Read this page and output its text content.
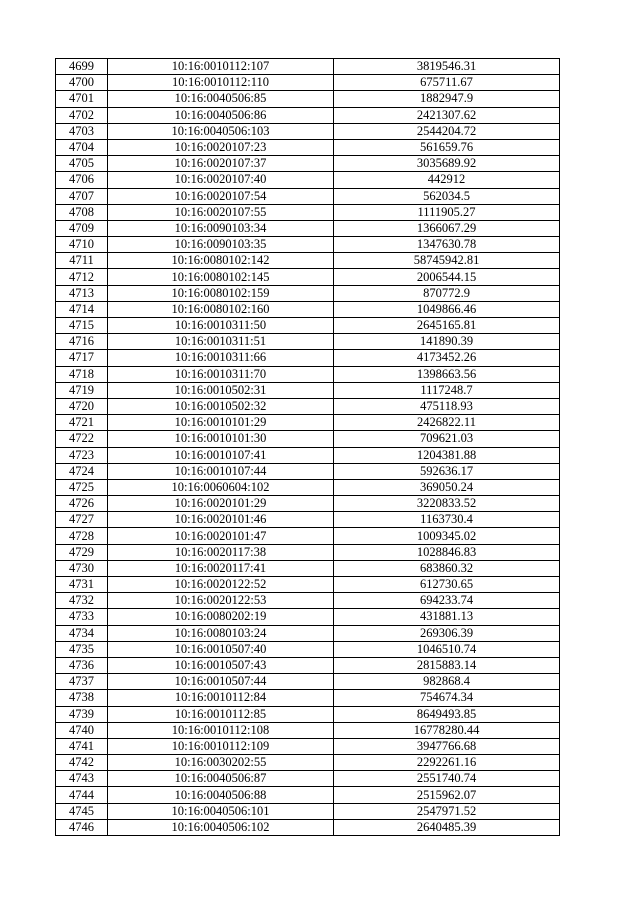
4699	10:16:0010112:107	3819546.31
4700	10:16:0010112:110	675711.67
4701	10:16:0040506:85	1882947.9
4702	10:16:0040506:86	2421307.62
4703	10:16:0040506:103	2544204.72
4704	10:16:0020107:23	561659.76
4705	10:16:0020107:37	3035689.92
4706	10:16:0020107:40	442912
4707	10:16:0020107:54	562034.5
4708	10:16:0020107:55	1111905.27
4709	10:16:0090103:34	1366067.29
4710	10:16:0090103:35	1347630.78
4711	10:16:0080102:142	58745942.81
4712	10:16:0080102:145	2006544.15
4713	10:16:0080102:159	870772.9
4714	10:16:0080102:160	1049866.46
4715	10:16:0010311:50	2645165.81
4716	10:16:0010311:51	141890.39
4717	10:16:0010311:66	4173452.26
4718	10:16:0010311:70	1398663.56
4719	10:16:0010502:31	1117248.7
4720	10:16:0010502:32	475118.93
4721	10:16:0010101:29	2426822.11
4722	10:16:0010101:30	709621.03
4723	10:16:0010107:41	1204381.88
4724	10:16:0010107:44	592636.17
4725	10:16:0060604:102	369050.24
4726	10:16:0020101:29	3220833.52
4727	10:16:0020101:46	1163730.4
4728	10:16:0020101:47	1009345.02
4729	10:16:0020117:38	1028846.83
4730	10:16:0020117:41	683860.32
4731	10:16:0020122:52	612730.65
4732	10:16:0020122:53	694233.74
4733	10:16:0080202:19	431881.13
4734	10:16:0080103:24	269306.39
4735	10:16:0010507:40	1046510.74
4736	10:16:0010507:43	2815883.14
4737	10:16:0010507:44	982868.4
4738	10:16:0010112:84	754674.34
4739	10:16:0010112:85	8649493.85
4740	10:16:0010112:108	16778280.44
4741	10:16:0010112:109	3947766.68
4742	10:16:0030202:55	2292261.16
4743	10:16:0040506:87	2551740.74
4744	10:16:0040506:88	2515962.07
4745	10:16:0040506:101	2547971.52
4746	10:16:0040506:102	2640485.39
